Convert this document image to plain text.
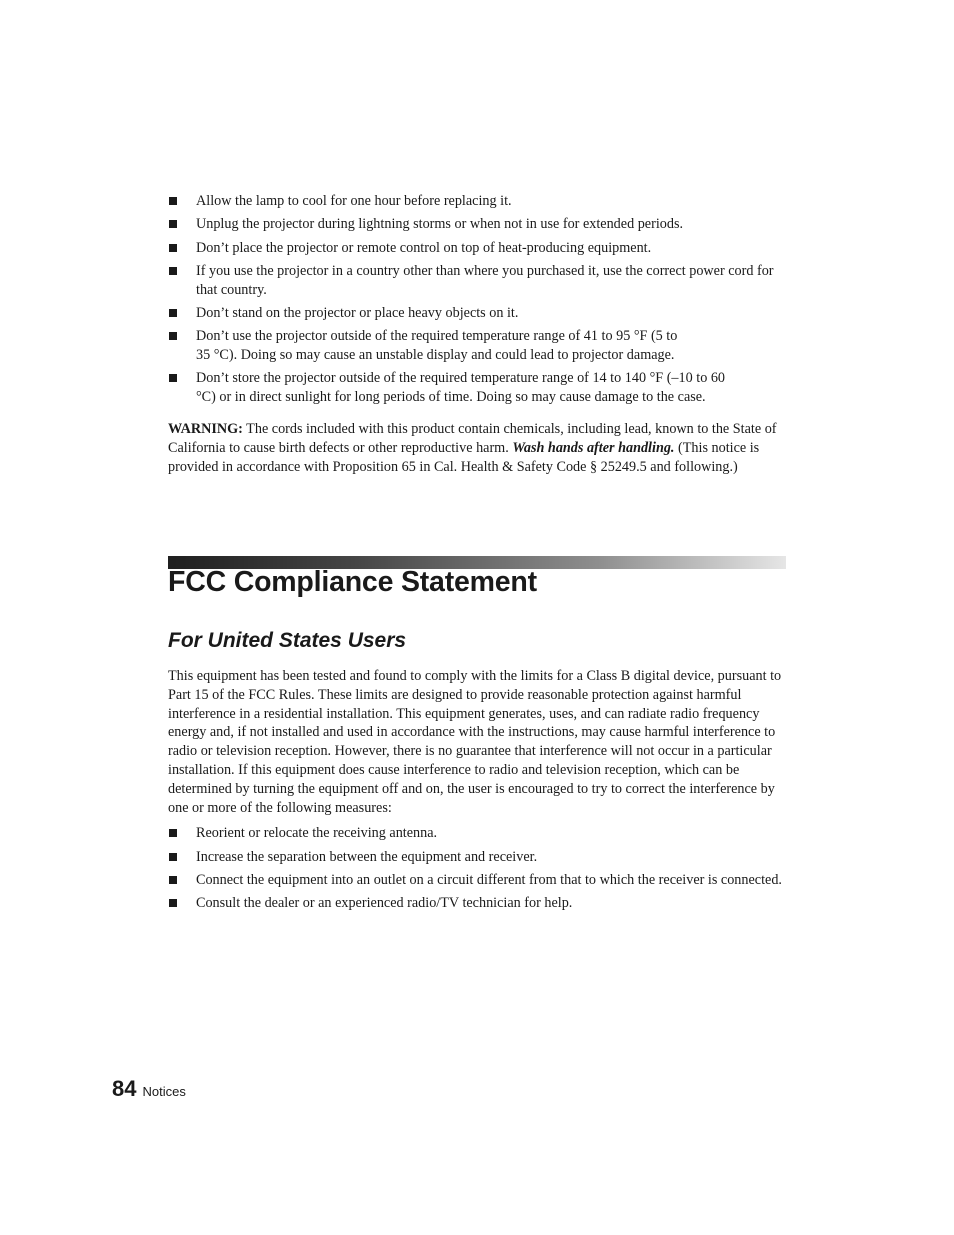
Allow the lamp to cool for one hour before replacing it.
Unplug the projector during lightning storms or when not in use for extended periods.
Don’t place the projector or remote control on top of heat-producing equipment.
If you use the projector in a country other than where you purchased it, use the correct power cord for that country.
Don’t stand on the projector or place heavy objects on it.
Don’t use the projector outside of the required temperature range of 41 to 95 °F (5 to 35 °C). Doing so may cause an unstable display and could lead to projector damage.
Don’t store the projector outside of the required temperature range of 14 to 140 °F (–10 to 60 °C) or in direct sunlight for long periods of time. Doing so may cause damage to the case.

WARNING: The cords included with this product contain chemicals, including lead, known to the State of California to cause birth defects or other reproductive harm. Wash hands after handling. (This notice is provided in accordance with Proposition 65 in Cal. Health & Safety Code § 25249.5 and following.)

FCC Compliance Statement
For United States Users

This equipment has been tested and found to comply with the limits for a Class B digital device, pursuant to Part 15 of the FCC Rules. These limits are designed to provide reasonable protection against harmful interference in a residential installation. This equipment generates, uses, and can radiate radio frequency energy and, if not installed and used in accordance with the instructions, may cause harmful interference to radio or television reception. However, there is no guarantee that interference will not occur in a particular installation. If this equipment does cause interference to radio and television reception, which can be determined by turning the equipment off and on, the user is encouraged to try to correct the interference by one or more of the following measures:

Reorient or relocate the receiving antenna.
Increase the separation between the equipment and receiver.
Connect the equipment into an outlet on a circuit different from that to which the receiver is connected.
Consult the dealer or an experienced radio/TV technician for help.
84 Notices
